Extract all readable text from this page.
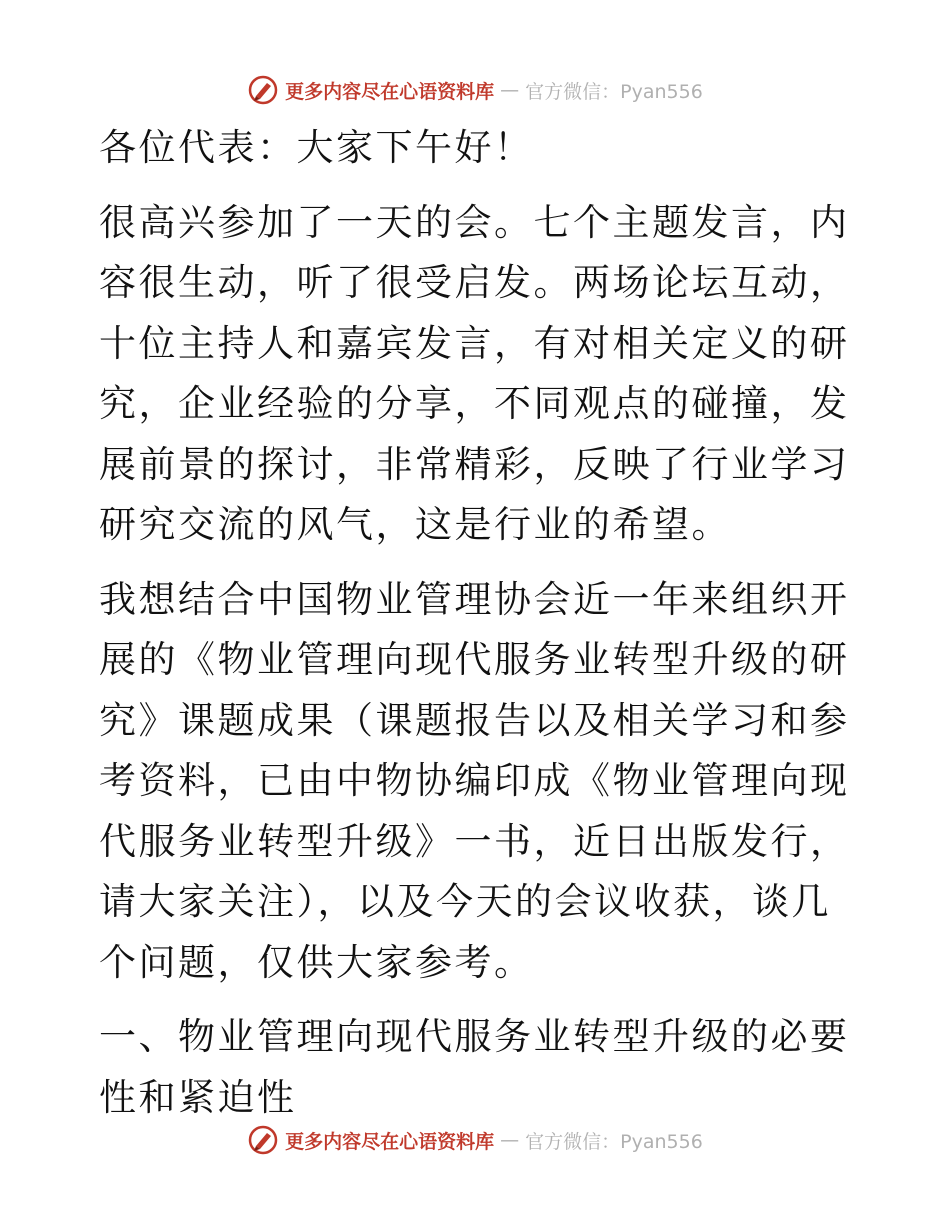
更多内容尽在心语资料库 — 官方微信：Pyan556

各位代表：大家下午好！

很高兴参加了一天的会。七个主题发言，内容很生动，听了很受启发。两场论坛互动，十位主持人和嘉宾发言，有对相关定义的研究，企业经验的分享，不同观点的碰撞，发展前景的探讨，非常精彩，反映了行业学习研究交流的风气，这是行业的希望。

我想结合中国物业管理协会近一年来组织开展的《物业管理向现代服务业转型升级的研究》课题成果（课题报告以及相关学习和参考资料，已由中物协编印成《物业管理向现代服务业转型升级》一书，近日出版发行，请大家关注），以及今天的会议收获，谈几个问题，仅供大家参考。

一、物业管理向现代服务业转型升级的必要性和紧迫性

更多内容尽在心语资料库 — 官方微信：Pyan556
